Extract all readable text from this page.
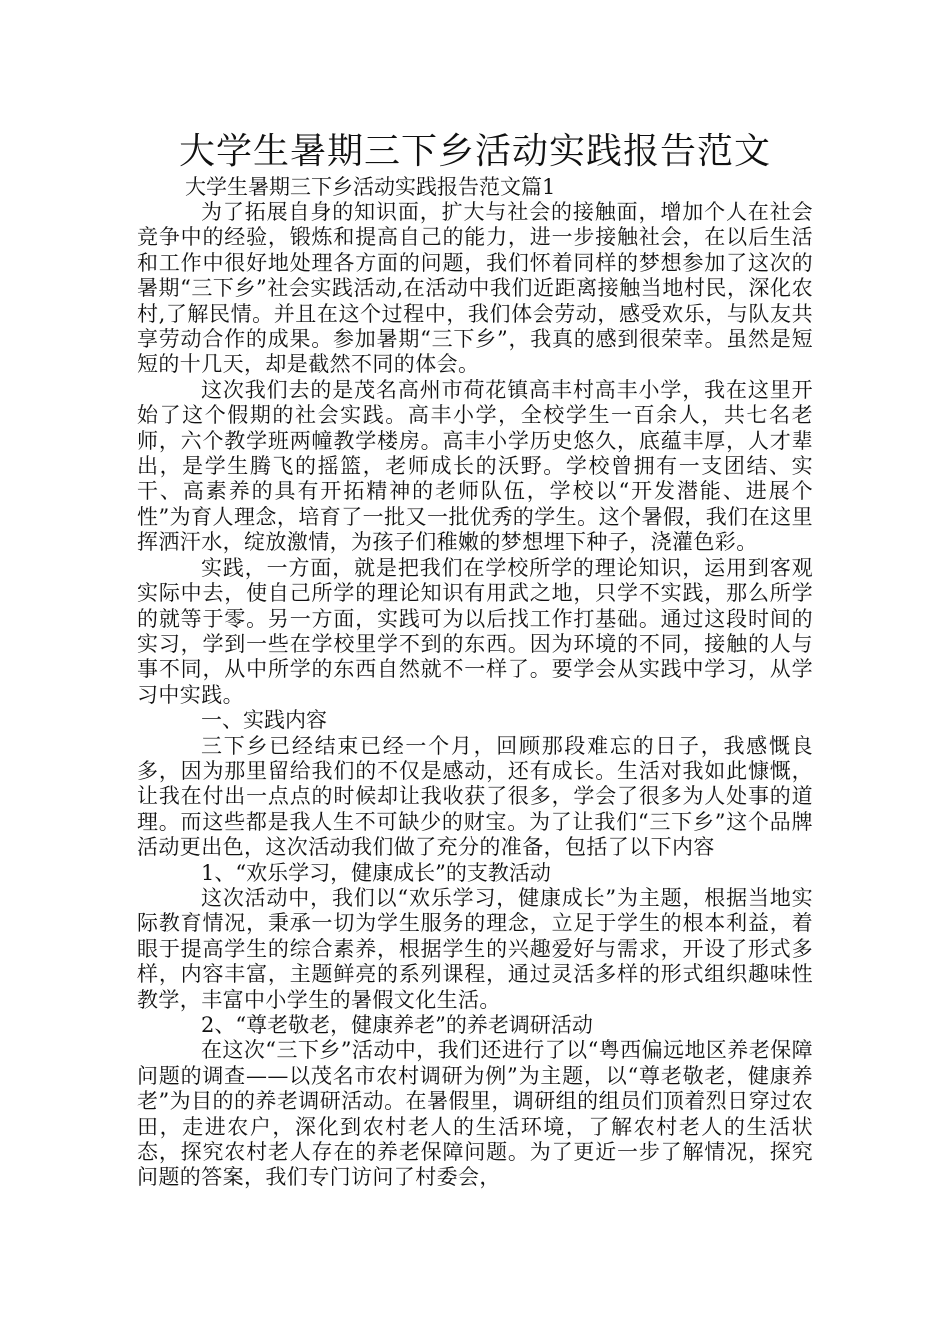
大学生暑期三下乡活动实践报告范文

大学生暑期三下乡活动实践报告范文篇1

为了拓展自身的知识面，扩大与社会的接触面，增加个人在社会竞争中的经验，锻炼和提高自己的能力，进一步接触社会，在以后生活和工作中很好地处理各方面的问题，我们怀着同样的梦想参加了这次的暑期“三下乡”社会实践活动,在活动中我们近距离接触当地村民，深化农村,了解民情。并且在这个过程中，我们体会劳动，感受欢乐，与队友共享劳动合作的成果。参加暑期“三下乡”，我真的感到很荣幸。虽然是短短的十几天，却是截然不同的体会。

这次我们去的是茂名高州市荷花镇高丰村高丰小学，我在这里开始了这个假期的社会实践。高丰小学，全校学生一百余人，共七名老师，六个教学班两幢教学楼房。高丰小学历史悠久，底蕴丰厚，人才辈出，是学生腾飞的摇篮，老师成长的沃野。学校曾拥有一支团结、实干、高素养的具有开拓精神的老师队伍，学校以“开发潜能、进展个性”为育人理念，培育了一批又一批优秀的学生。这个暑假，我们在这里挥洒汗水，绽放激情，为孩子们稚嫩的梦想埋下种子，浇灌色彩。

实践，一方面，就是把我们在学校所学的理论知识，运用到客观实际中去，使自己所学的理论知识有用武之地，只学不实践，那么所学的就等于零。另一方面，实践可为以后找工作打基础。通过这段时间的实习，学到一些在学校里学不到的东西。因为环境的不同，接触的人与事不同，从中所学的东西自然就不一样了。要学会从实践中学习，从学习中实践。

一、实践内容

三下乡已经结束已经一个月，回顾那段难忘的日子，我感慨良多，因为那里留给我们的不仅是感动，还有成长。生活对我如此慷慨，让我在付出一点点的时候却让我收获了很多，学会了很多为人处事的道理。而这些都是我人生不可缺少的财宝。为了让我们“三下乡”这个品牌活动更出色，这次活动我们做了充分的准备，包括了以下内容

1、“欢乐学习，健康成长”的支教活动

这次活动中，我们以“欢乐学习，健康成长”为主题，根据当地实际教育情况，秉承一切为学生服务的理念，立足于学生的根本利益，着眼于提高学生的综合素养，根据学生的兴趣爱好与需求，开设了形式多样，内容丰富，主题鲜亮的系列课程，通过灵活多样的形式组织趣味性教学，丰富中小学生的暑假文化生活。

2、“尊老敬老，健康养老”的养老调研活动

在这次“三下乡”活动中，我们还进行了以“粤西偏远地区养老保障问题的调查——以茂名市农村调研为例”为主题，以“尊老敬老，健康养老”为目的的养老调研活动。在暑假里，调研组的组员们顶着烈日穿过农田，走进农户，深化到农村老人的生活环境，了解农村老人的生活状态，探究农村老人存在的养老保障问题。为了更近一步了解情况，探究问题的答案，我们专门访问了村委会，
